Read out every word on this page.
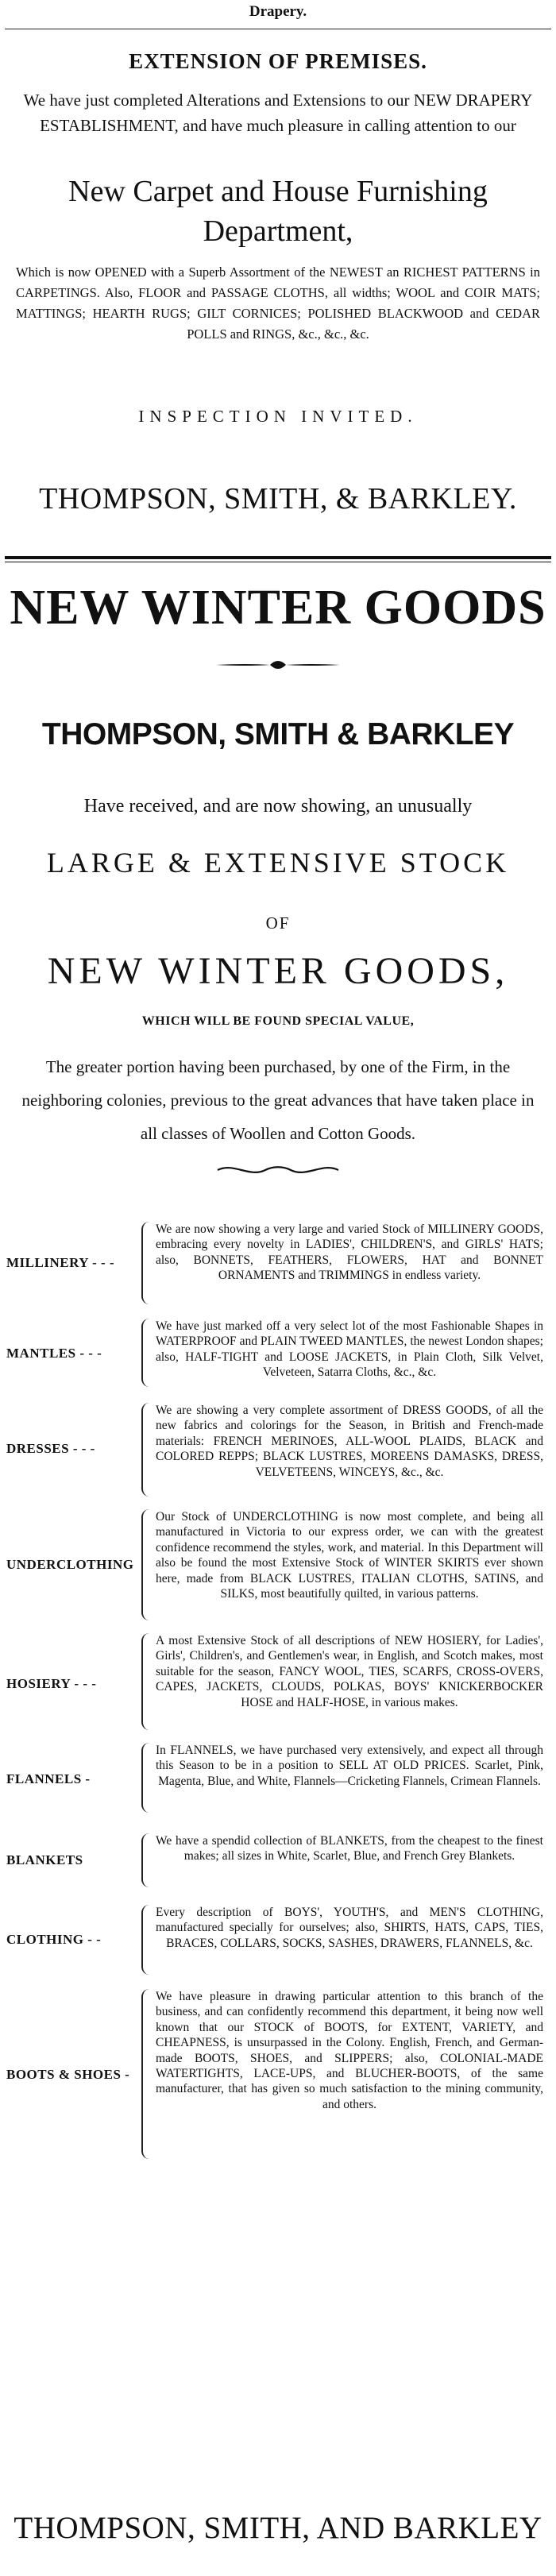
Drapery.
EXTENSION OF PREMISES.
We have just completed Alterations and Extensions to our NEW DRAPERY ESTABLISHMENT, and have much pleasure in calling attention to our
New Carpet and House Furnishing Department,
Which is now OPENED with a Superb Assortment of the NEWEST an RICHEST PATTERNS in CARPETINGS. Also, FLOOR and PASSAGE CLOTHS, all widths; WOOL and COIR MATS; MATTINGS; HEARTH RUGS; GILT CORNICES; POLISHED BLACKWOOD and CEDAR POLLS and RINGS, &c., &c., &c.
INSPECTION INVITED.
THOMPSON, SMITH, & BARKLEY.
NEW WINTER GOODS
THOMPSON, SMITH & BARKLEY
Have received, and are now showing, an unusually
LARGE & EXTENSIVE STOCK
OF
NEW WINTER GOODS,
WHICH WILL BE FOUND SPECIAL VALUE,
The greater portion having been purchased, by one of the Firm, in the neighboring colonies, previous to the great advances that have taken place in all classes of Woollen and Cotton Goods.
MILLINERY - - -
We are now showing a very large and varied Stock of MILLINERY GOODS, embracing every novelty in LADIES', CHILDREN'S, and GIRLS' HATS; also, BONNETS, FEATHERS, FLOWERS, HAT and BONNET ORNAMENTS and TRIMMINGS in endless variety.
MANTLES - - -
We have just marked off a very select lot of the most Fashionable Shapes in WATERPROOF and PLAIN TWEED MANTLES, the newest London shapes; also, HALF-TIGHT and LOOSE JACKETS, in Plain Cloth, Silk Velvet, Velveteen, Satarra Cloths, &c., &c.
DRESSES - - -
We are showing a very complete assortment of DRESS GOODS, of all the new fabrics and colorings for the Season, in British and French-made materials: FRENCH MERINOES, ALL-WOOL PLAIDS, BLACK and COLORED REPPS; BLACK LUSTRES, MOREENS DAMASKS, DRESS, VELVETEENS, WINCEYS, &c., &c.
UNDERCLOTHING
Our Stock of UNDERCLOTHING is now most complete, and being all manufactured in Victoria to our express order, we can with the greatest confidence recommend the styles, work, and material. In this Department will also be found the most Extensive Stock of WINTER SKIRTS ever shown here, made from BLACK LUSTRES, ITALIAN CLOTHS, SATINS, and SILKS, most beautifully quilted, in various patterns.
HOSIERY - - -
A most Extensive Stock of all descriptions of NEW HOSIERY, for Ladies', Girls', Children's, and Gentlemen's wear, in English, and Scotch makes, most suitable for the season, FANCY WOOL, TIES, SCARFS, CROSS-OVERS, CAPES, JACKETS, CLOUDS, POLKAS, BOYS' KNICKERBOCKER HOSE and HALF-HOSE, in various makes.
FLANNELS -
In FLANNELS, we have purchased very extensively, and expect all through this Season to be in a position to SELL AT OLD PRICES. Scarlet, Pink, Magenta, Blue, and White, Flannels—Cricketing Flannels, Crimean Flannels.
BLANKETS
We have a spendid collection of BLANKETS, from the cheapest to the finest makes; all sizes in White, Scarlet, Blue, and French Grey Blankets.
CLOTHING - -
Every description of BOYS', YOUTH'S, and MEN'S CLOTHING, manufactured specially for ourselves; also, SHIRTS, HATS, CAPS, TIES, BRACES, COLLARS, SOCKS, SASHES, DRAWERS, FLANNELS, &c.
BOOTS & SHOES -
We have pleasure in drawing particular attention to this branch of the business, and can confidently recommend this department, it being now well known that our STOCK of BOOTS, for EXTENT, VARIETY, and CHEAPNESS, is unsurpassed in the Colony. English, French, and German-made BOOTS, SHOES, and SLIPPERS; also, COLONIAL-MADE WATERTIGHTS, LACE-UPS, and BLUCHER-BOOTS, of the same manufacturer, that has given so much satisfaction to the mining community, and others.
THOMPSON, SMITH, AND BARKLEY
